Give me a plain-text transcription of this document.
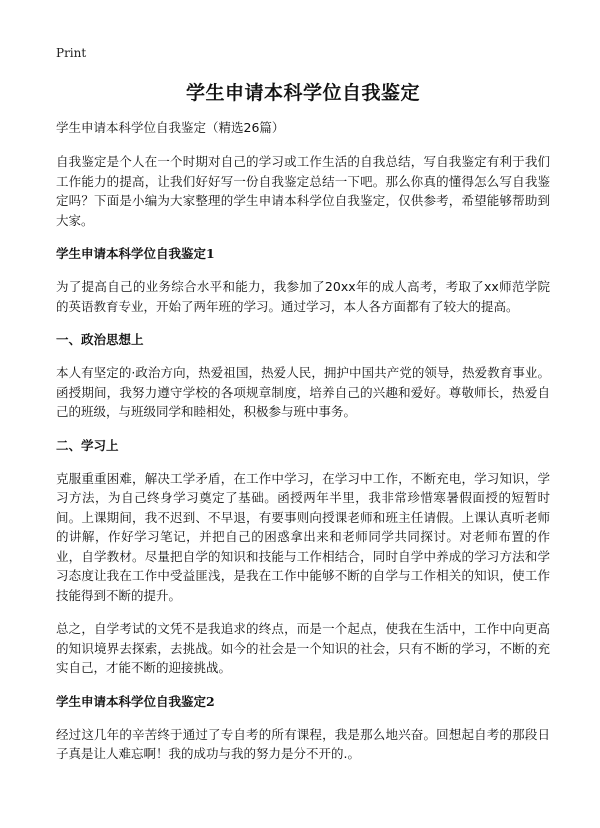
Print
学生申请本科学位自我鉴定

学生申请本科学位自我鉴定（精选26篇）

自我鉴定是个人在一个时期对自己的学习或工作生活的自我总结，写自我鉴定有利于我们工作能力的提高，让我们好好写一份自我鉴定总结一下吧。那么你真的懂得怎么写自我鉴定吗？下面是小编为大家整理的学生申请本科学位自我鉴定，仅供参考，希望能够帮助到大家。

学生申请本科学位自我鉴定1

为了提高自己的业务综合水平和能力，我参加了20xx年的成人高考，考取了xx师范学院的英语教育专业，开始了两年班的学习。通过学习，本人各方面都有了较大的提高。

一、政治思想上

本人有坚定的·政治方向，热爱祖国，热爱人民，拥护中国共产党的领导，热爱教育事业。函授期间，我努力遵守学校的各项规章制度，培养自己的兴趣和爱好。尊敬师长，热爱自己的班级，与班级同学和睦相处，积极参与班中事务。

二、学习上

克服重重困难，解决工学矛盾，在工作中学习，在学习中工作，不断充电，学习知识，学习方法，为自己终身学习奠定了基础。函授两年半里，我非常珍惜寒暑假面授的短暂时间。上课期间，我不迟到、不早退，有要事则向授课老师和班主任请假。上课认真听老师的讲解，作好学习笔记，并把自己的困惑拿出来和老师同学共同探讨。对老师布置的作业，自学教材。尽量把自学的知识和技能与工作相结合，同时自学中养成的学习方法和学习态度让我在工作中受益匪浅，是我在工作中能够不断的自学与工作相关的知识，使工作技能得到不断的提升。

总之，自学考试的文凭不是我追求的终点，而是一个起点，使我在生活中，工作中向更高的知识境界去探索，去挑战。如今的社会是一个知识的社会，只有不断的学习，不断的充实自己，才能不断的迎接挑战。

学生申请本科学位自我鉴定2

经过这几年的辛苦终于通过了专自考的所有课程，我是那么地兴奋。回想起自考的那段日子真是让人难忘啊！我的成功与我的努力是分不开的.。
